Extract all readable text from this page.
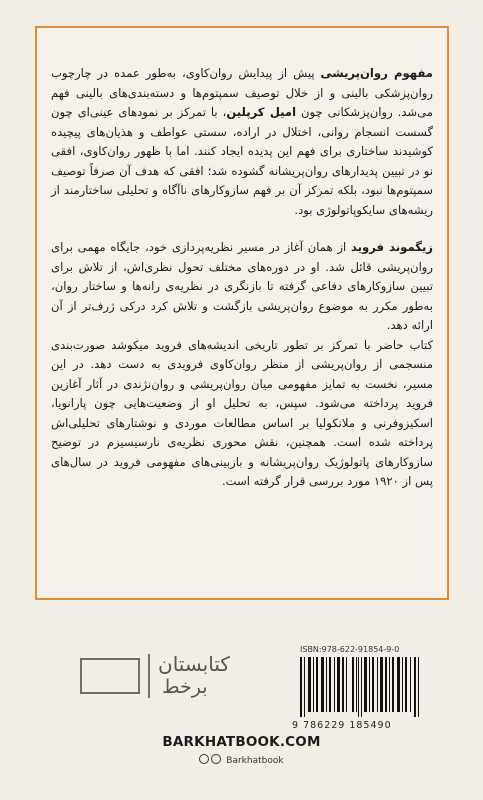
مفهوم روان‌پریشی پیش از پیدایش روان‌کاوی، به‌طور عمده در چارچوب روان‌پزشکی بالینی و از خلال توصیف سمپتوم‌ها و دسته‌بندی‌های بالینی فهم می‌شد. روان‌پزشکانی چون امیل کرپلین، با تمرکز بر نمودهای عینی‌ای چون گسست انسجام روانی، اختلال در اراده، سستی عواطف و هذیان‌های پیچیده کوشیدند ساختاری برای فهم این پدیده ایجاد کنند. اما با ظهور روان‌کاوی، افقی نو در تبیین پدیدارهای روان‌پریشانه گشوده شد؛ افقی که هدف آن صرفاً توصیف سمپتوم‌ها نبود، بلکه تمرکز آن بر فهم سازوکارهای ناآگاه و تحلیلی ساختارمند از ریشه‌های سایکوپاتولوژی بود.

زیگموند فروید از همان آغاز در مسیر نظریه‌پردازی خود، جایگاه مهمی برای روان‌پریشی قائل شد. او در دوره‌های مختلف تحول نظری‌اش، از تلاش برای تبیین سازوکارهای دفاعی گرفته تا بازنگری در نظریه‌ی رانه‌ها و ساختار روان، به‌طور مکرر به موضوع روان‌پریشی بازگشت و تلاش کرد درکی ژرف‌تر از آن ارائه دهد.

کتاب حاضر با تمرکز بر تطور تاریخی اندیشه‌های فروید میکوشد صورت‌بندی منسجمی از روان‌پریشی از منظر روان‌کاوی فرویدی به دست دهد. در این مسیر، نخست به تمایز مفهومی میان روان‌پریشی و روان‌نژندی در آثار آغازین فروید پرداخته می‌شود. سپس، به تحلیل او از وضعیت‌هایی چون پارانویا، اسکیزوفرنی و ملانکولیا بر اساس مطالعات موردی و نوشتارهای تحلیلی‌اش پرداخته شده است. همچنین، نقش محوری نظریه‌ی نارسیسیزم در توضیح سازوکارهای پاتولوژیک روان‌پریشانه و بازبینی‌های مفهومی فروید در سال‌های پس از ۱۹۲۰ مورد بررسی قرار گرفته است.

کتابستان
برخط
ISBN:978-622-91854-9-0
9 786229 185490
BARKHATBOOK.COM
Barkhatbook
